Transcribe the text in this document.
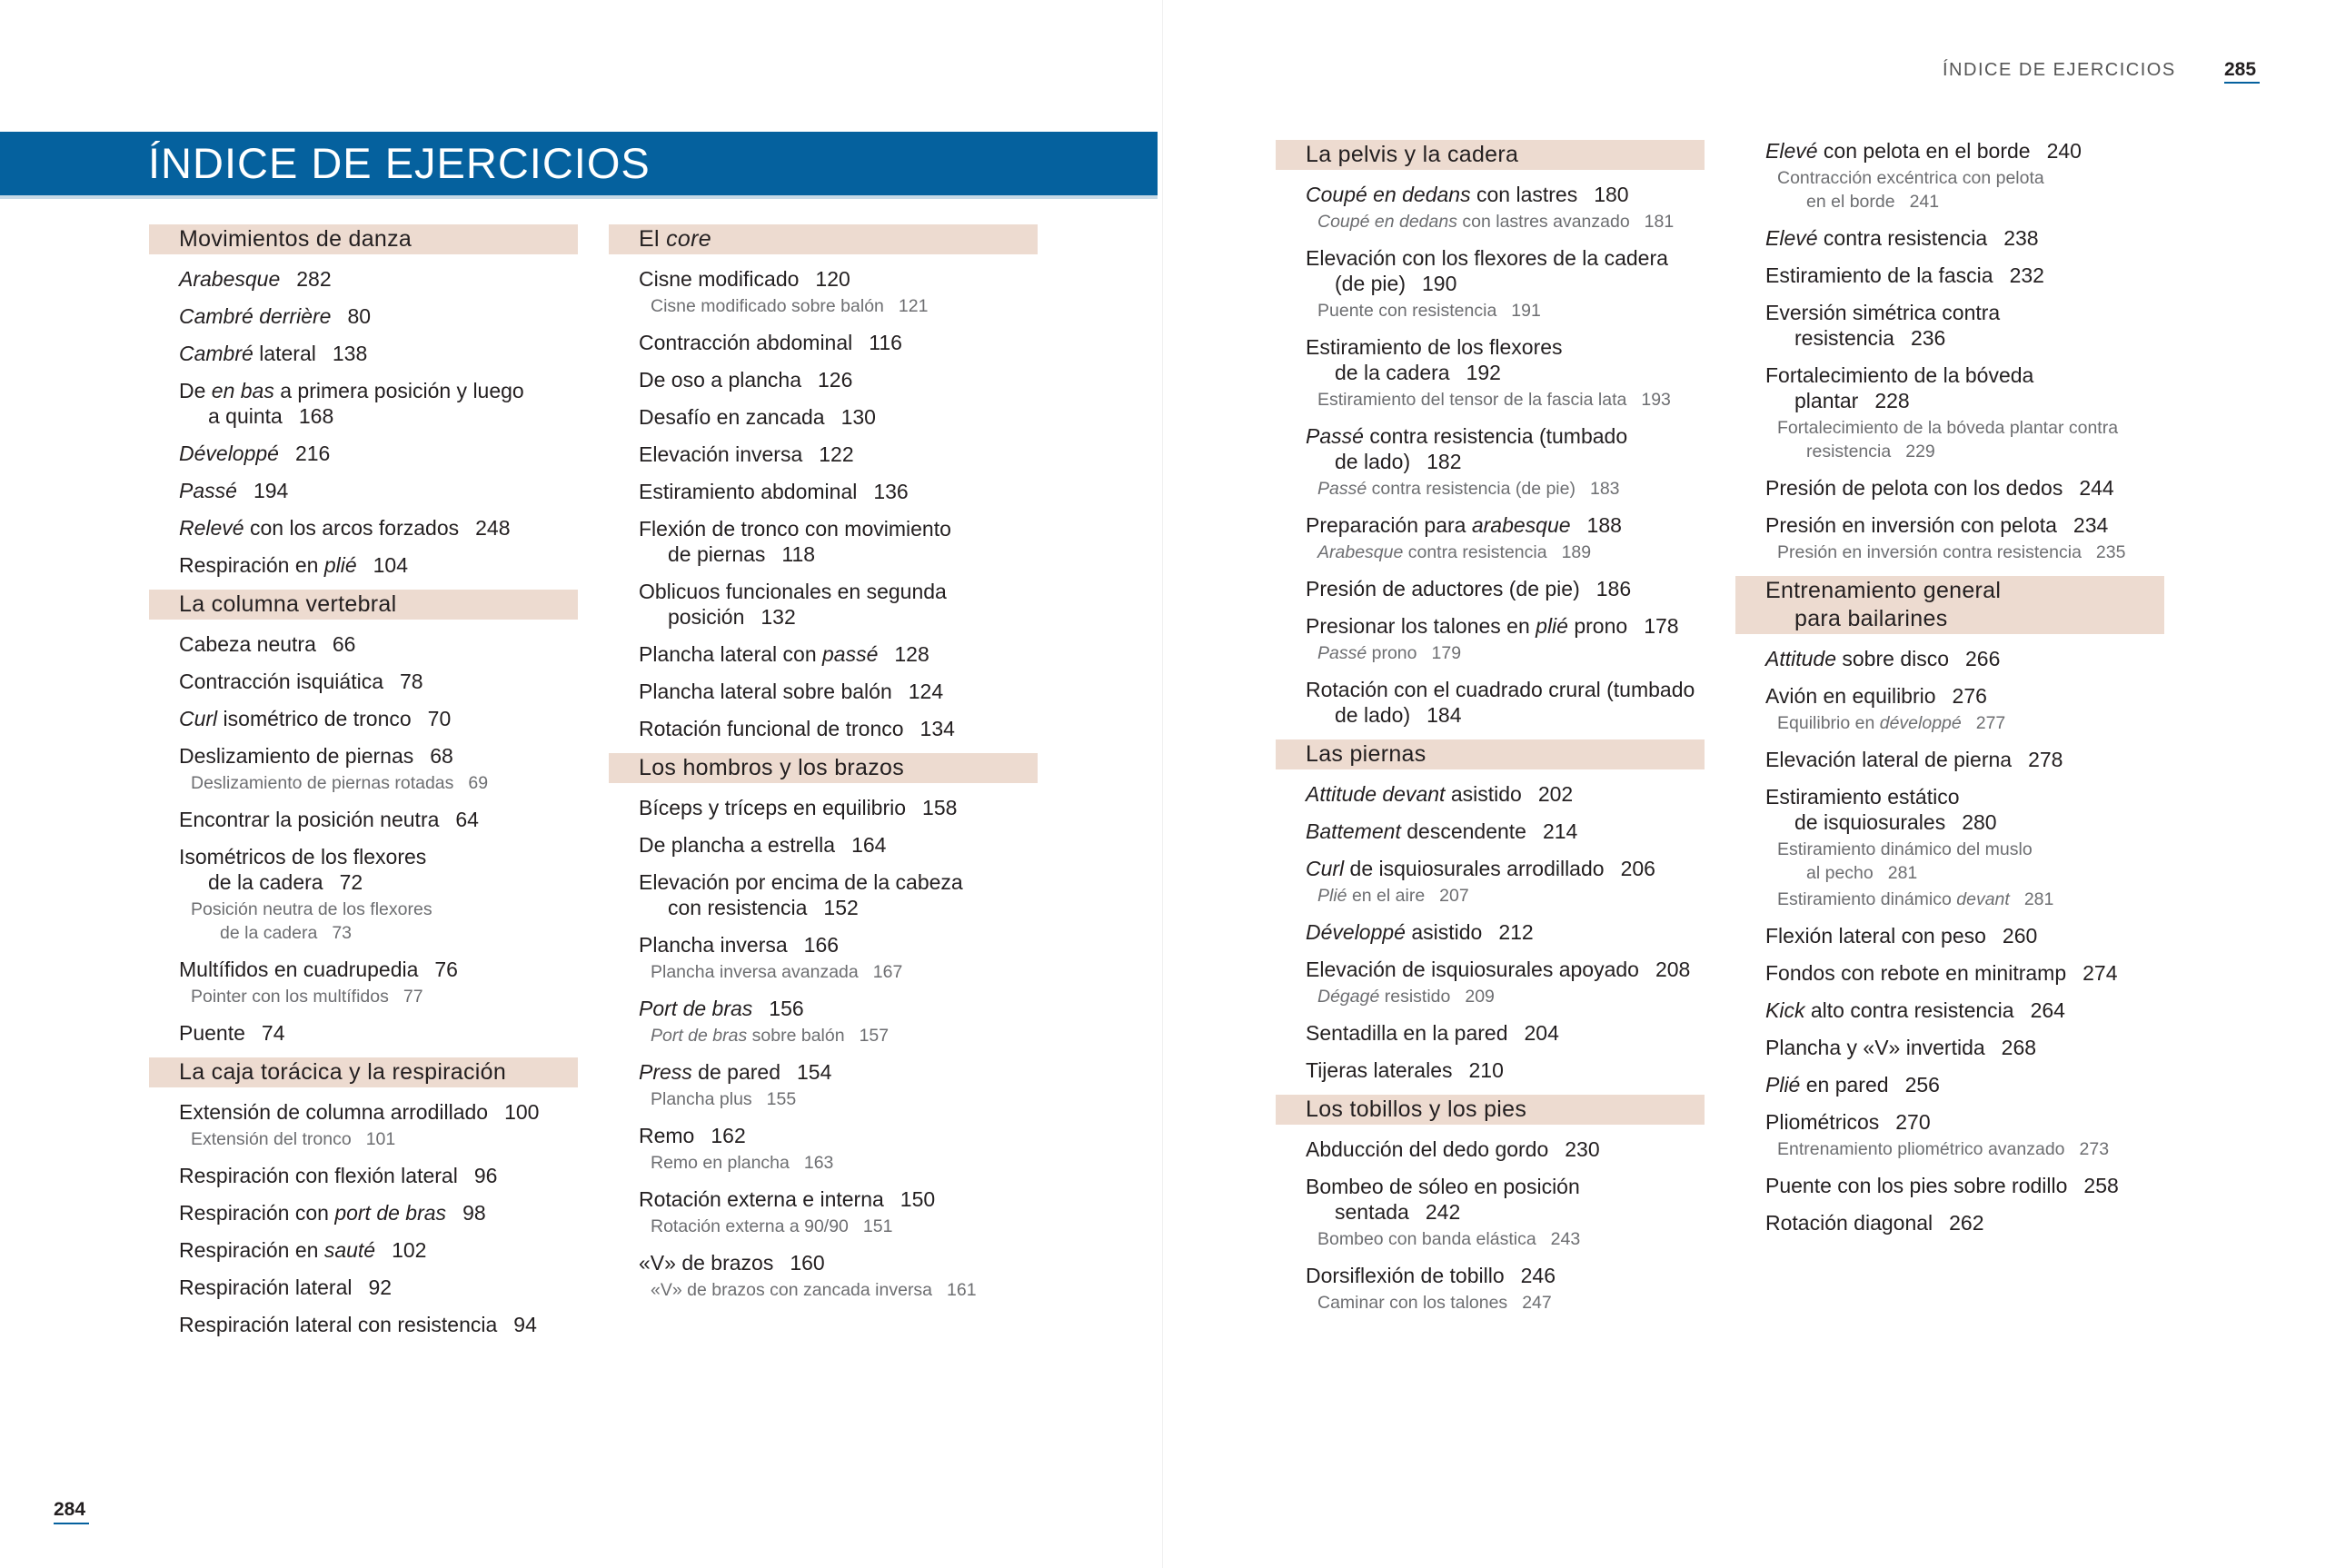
ÍNDICE DE EJERCICIOS
284
Movimientos de danza
Arabesque 282
Cambré derrière 80
Cambré lateral 138
De en bas a primera posición y luego
a quinta 168
Développé 216
Passé 194
Relevé con los arcos forzados 248
Respiración en plié 104
La columna vertebral
Cabeza neutra 66
Contracción isquiática 78
Curl isométrico de tronco 70
Deslizamiento de piernas 68
Deslizamiento de piernas rotadas 69
Encontrar la posición neutra 64
Isométricos de los flexores
de la cadera 72
Posición neutra de los flexores
de la cadera 73
Multífidos en cuadrupedia 76
Pointer con los multífidos 77
Puente 74
La caja torácica y la respiración
Extensión de columna arrodillado 100
Extensión del tronco 101
Respiración con flexión lateral 96
Respiración con port de bras 98
Respiración en sauté 102
Respiración lateral 92
Respiración lateral con resistencia 94
El core
Cisne modificado 120
Cisne modificado sobre balón 121
Contracción abdominal 116
De oso a plancha 126
Desafío en zancada 130
Elevación inversa 122
Estiramiento abdominal 136
Flexión de tronco con movimiento
de piernas 118
Oblicuos funcionales en segunda
posición 132
Plancha lateral con passé 128
Plancha lateral sobre balón 124
Rotación funcional de tronco 134
Los hombros y los brazos
Bíceps y tríceps en equilibrio 158
De plancha a estrella 164
Elevación por encima de la cabeza
con resistencia 152
Plancha inversa 166
Plancha inversa avanzada 167
Port de bras 156
Port de bras sobre balón 157
Press de pared 154
Plancha plus 155
Remo 162
Remo en plancha 163
Rotación externa e interna 150
Rotación externa a 90/90 151
«V» de brazos 160
«V» de brazos con zancada inversa 161
ÍNDICE DE EJERCICIOS	285
La pelvis y la cadera
Coupé en dedans con lastres 180
Coupé en dedans con lastres avanzado 181
Elevación con los flexores de la cadera
(de pie) 190
Puente con resistencia 191
Estiramiento de los flexores
de la cadera 192
Estiramiento del tensor de la fascia lata 193
Passé contra resistencia (tumbado
de lado) 182
Passé contra resistencia (de pie) 183
Preparación para arabesque 188
Arabesque contra resistencia 189
Presión de aductores (de pie) 186
Presionar los talones en plié prono 178
Passé prono 179
Rotación con el cuadrado crural (tumbado
de lado) 184
Las piernas
Attitude devant asistido 202
Battement descendente 214
Curl de isquiosurales arrodillado 206
Plié en el aire 207
Développé asistido 212
Elevación de isquiosurales apoyado 208
Dégagé resistido 209
Sentadilla en la pared 204
Tijeras laterales 210
Los tobillos y los pies
Abducción del dedo gordo 230
Bombeo de sóleo en posición
sentada 242
Bombeo con banda elástica 243
Dorsiflexión de tobillo 246
Caminar con los talones 247
Elevé con pelota en el borde 240
Contracción excéntrica con pelota
en el borde 241
Elevé contra resistencia 238
Estiramiento de la fascia 232
Eversión simétrica contra
resistencia 236
Fortalecimiento de la bóveda
plantar 228
Fortalecimiento de la bóveda plantar contra
resistencia 229
Presión de pelota con los dedos 244
Presión en inversión con pelota 234
Presión en inversión contra resistencia 235
Entrenamiento general
para bailarines
Attitude sobre disco 266
Avión en equilibrio 276
Equilibrio en développé 277
Elevación lateral de pierna 278
Estiramiento estático
de isquiosurales 280
Estiramiento dinámico del muslo
al pecho 281
Estiramiento dinámico devant 281
Flexión lateral con peso 260
Fondos con rebote en minitramp 274
Kick alto contra resistencia 264
Plancha y «V» invertida 268
Plié en pared 256
Pliométricos 270
Entrenamiento pliométrico avanzado 273
Puente con los pies sobre rodillo 258
Rotación diagonal 262
